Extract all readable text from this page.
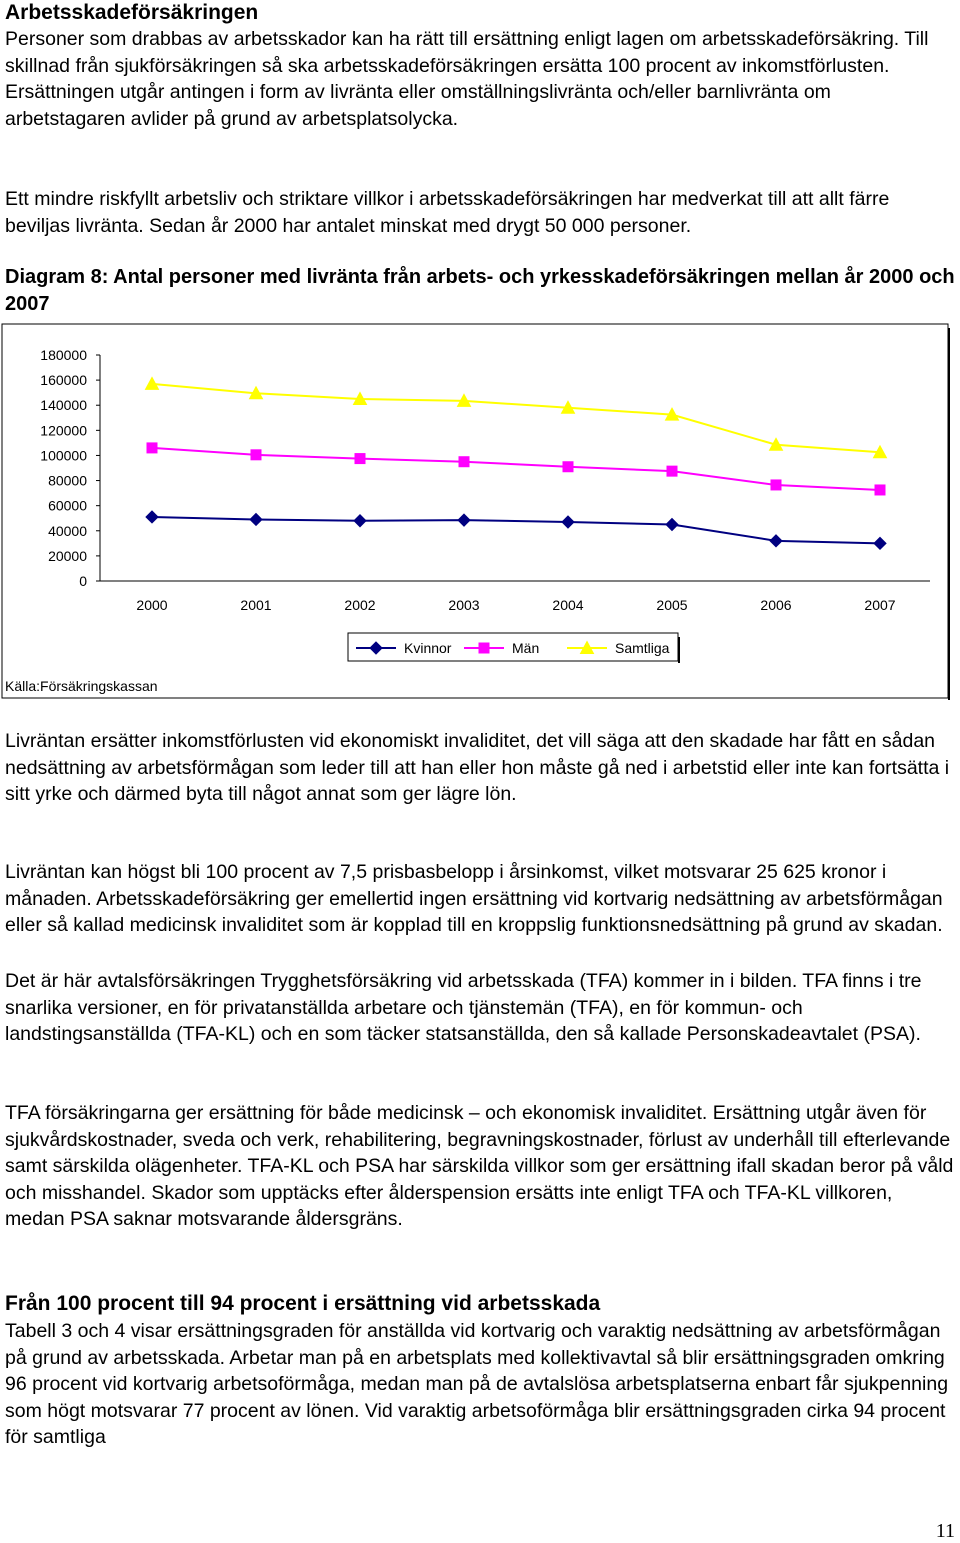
Arbetsskadeförsäkringen

Personer som drabbas av arbetsskador kan ha rätt till ersättning enligt lagen om arbetsskadeförsäkring. Till skillnad från sjukförsäkringen så ska arbetsskadeförsäkringen ersätta 100 procent av inkomstförlusten. Ersättningen utgår antingen i form av livränta eller omställningslivränta och/eller barnlivränta om arbetstagaren avlider på grund av arbetsplatsolycka.

Ett mindre riskfyllt arbetsliv och striktare villkor i arbetsskadeförsäkringen har medverkat till att allt färre beviljas livränta. Sedan år 2000 har antalet minskat med drygt 50 000 personer.

Diagram 8: Antal personer med livränta från arbets- och yrkesskadeförsäkringen mellan år 2000 och 2007

180000
160000
140000
120000
100000
80000
60000
40000
20000
0
2000	2001	2002	2003	2004	2005	2006	2007
Kvinnor	Män	Samtliga
Källa:Försäkringskassan

Livräntan ersätter inkomstförlusten vid ekonomiskt invaliditet, det vill säga att den skadade har fått en sådan nedsättning av arbetsförmågan som leder till att han eller hon måste gå ned i arbetstid eller inte kan fortsätta i sitt yrke och därmed byta till något annat som ger lägre lön.

Livräntan kan högst bli 100 procent av 7,5 prisbasbelopp i årsinkomst, vilket motsvarar 25 625 kronor i månaden. Arbetsskadeförsäkring ger emellertid ingen ersättning vid kortvarig nedsättning av arbetsförmågan eller så kallad medicinsk invaliditet som är kopplad till en kroppslig funktionsnedsättning på grund av skadan.

Det är här avtalsförsäkringen Trygghetsförsäkring vid arbetsskada (TFA) kommer in i bilden. TFA finns i tre snarlika versioner, en för privatanställda arbetare och tjänstemän (TFA), en för kommun- och landstingsanställda (TFA-KL) och en som täcker statsanställda, den så kallade Personskadeavtalet (PSA).

TFA försäkringarna ger ersättning för både medicinsk – och ekonomisk invaliditet. Ersättning utgår även för sjukvårdskostnader, sveda och verk, rehabilitering, begravningskostnader, förlust av underhåll till efterlevande samt särskilda olägenheter. TFA-KL och PSA har särskilda villkor som ger ersättning ifall skadan beror på våld och misshandel. Skador som upptäcks efter ålderspension ersätts inte enligt TFA och TFA-KL villkoren, medan PSA saknar motsvarande åldersgräns.

Från 100 procent till 94 procent i ersättning vid arbetsskada

Tabell 3 och 4 visar ersättningsgraden för anställda vid kortvarig och varaktig nedsättning av arbetsförmågan på grund av arbetsskada. Arbetar man på en arbetsplats med kollektivavtal så blir ersättningsgraden omkring 96 procent vid kortvarig arbetsoförmåga, medan man på de avtalslösa arbetsplatserna enbart får sjukpenning som högt motsvarar 77 procent av lönen. Vid varaktig arbetsoförmåga blir ersättningsgraden cirka 94 procent för samtliga

11
